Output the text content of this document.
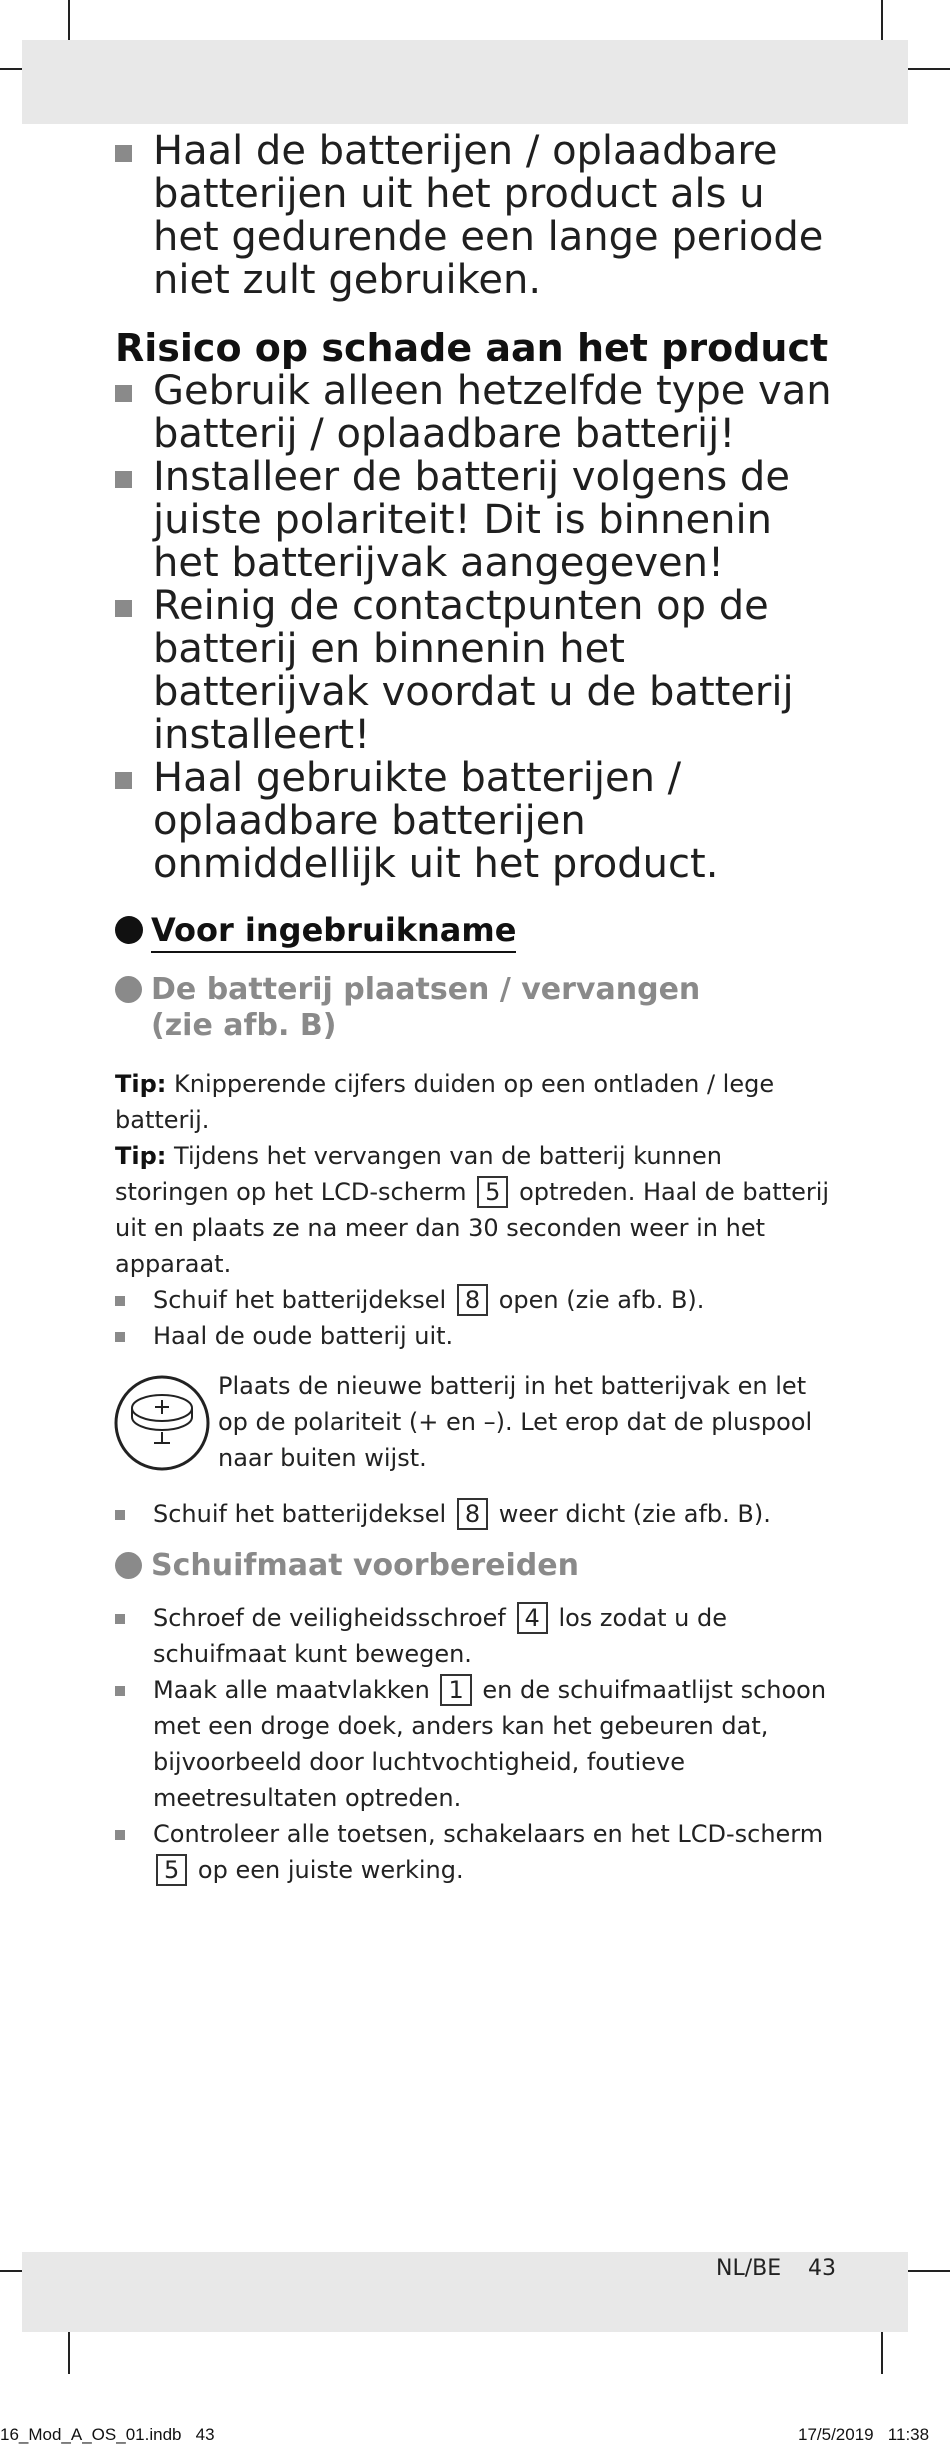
Haal de batterijen / oplaadbare batterijen uit het product als u het gedurende een lange periode niet zult gebruiken.
Risico op schade aan het product
Gebruik alleen hetzelfde type van batterij / oplaadbare batterij!
Installeer de batterij volgens de juiste polariteit! Dit is binnenin het batterijvak aangegeven!
Reinig de contactpunten op de batterij en binnenin het batterijvak voordat u de batterij installeert!
Haal gebruikte batterijen / oplaadbare batterijen onmiddellijk uit het product.
Voor ingebruikname
De batterij plaatsen / vervangen
(zie afb. B)
Tip: Knipperende cijfers duiden op een ontladen / lege batterij.
Tip: Tijdens het vervangen van de batterij kunnen storingen op het LCD-scherm 5 optreden. Haal de batterij uit en plaats ze na meer dan 30 seconden weer in het apparaat.
Schuif het batterijdeksel 8 open (zie afb. B).
Haal de oude batterij uit.
Plaats de nieuwe batterij in het batterijvak en let op de polariteit (+ en –). Let erop dat de pluspool naar buiten wijst.
Schuif het batterijdeksel 8 weer dicht (zie afb. B).
Schuifmaat voorbereiden
Schroef de veiligheidsschroef 4 los zodat u de schuifmaat kunt bewegen.
Maak alle maatvlakken 1 en de schuifmaatlijst schoon met een droge doek, anders kan het gebeuren dat, bijvoorbeeld door luchtvochtigheid, foutieve meetresultaten optreden.
Controleer alle toetsen, schakelaars en het LCD-scherm 5 op een juiste werking.
NL/BE 43
16_Mod_A_OS_01.indb   43	17/5/2019   11:38
